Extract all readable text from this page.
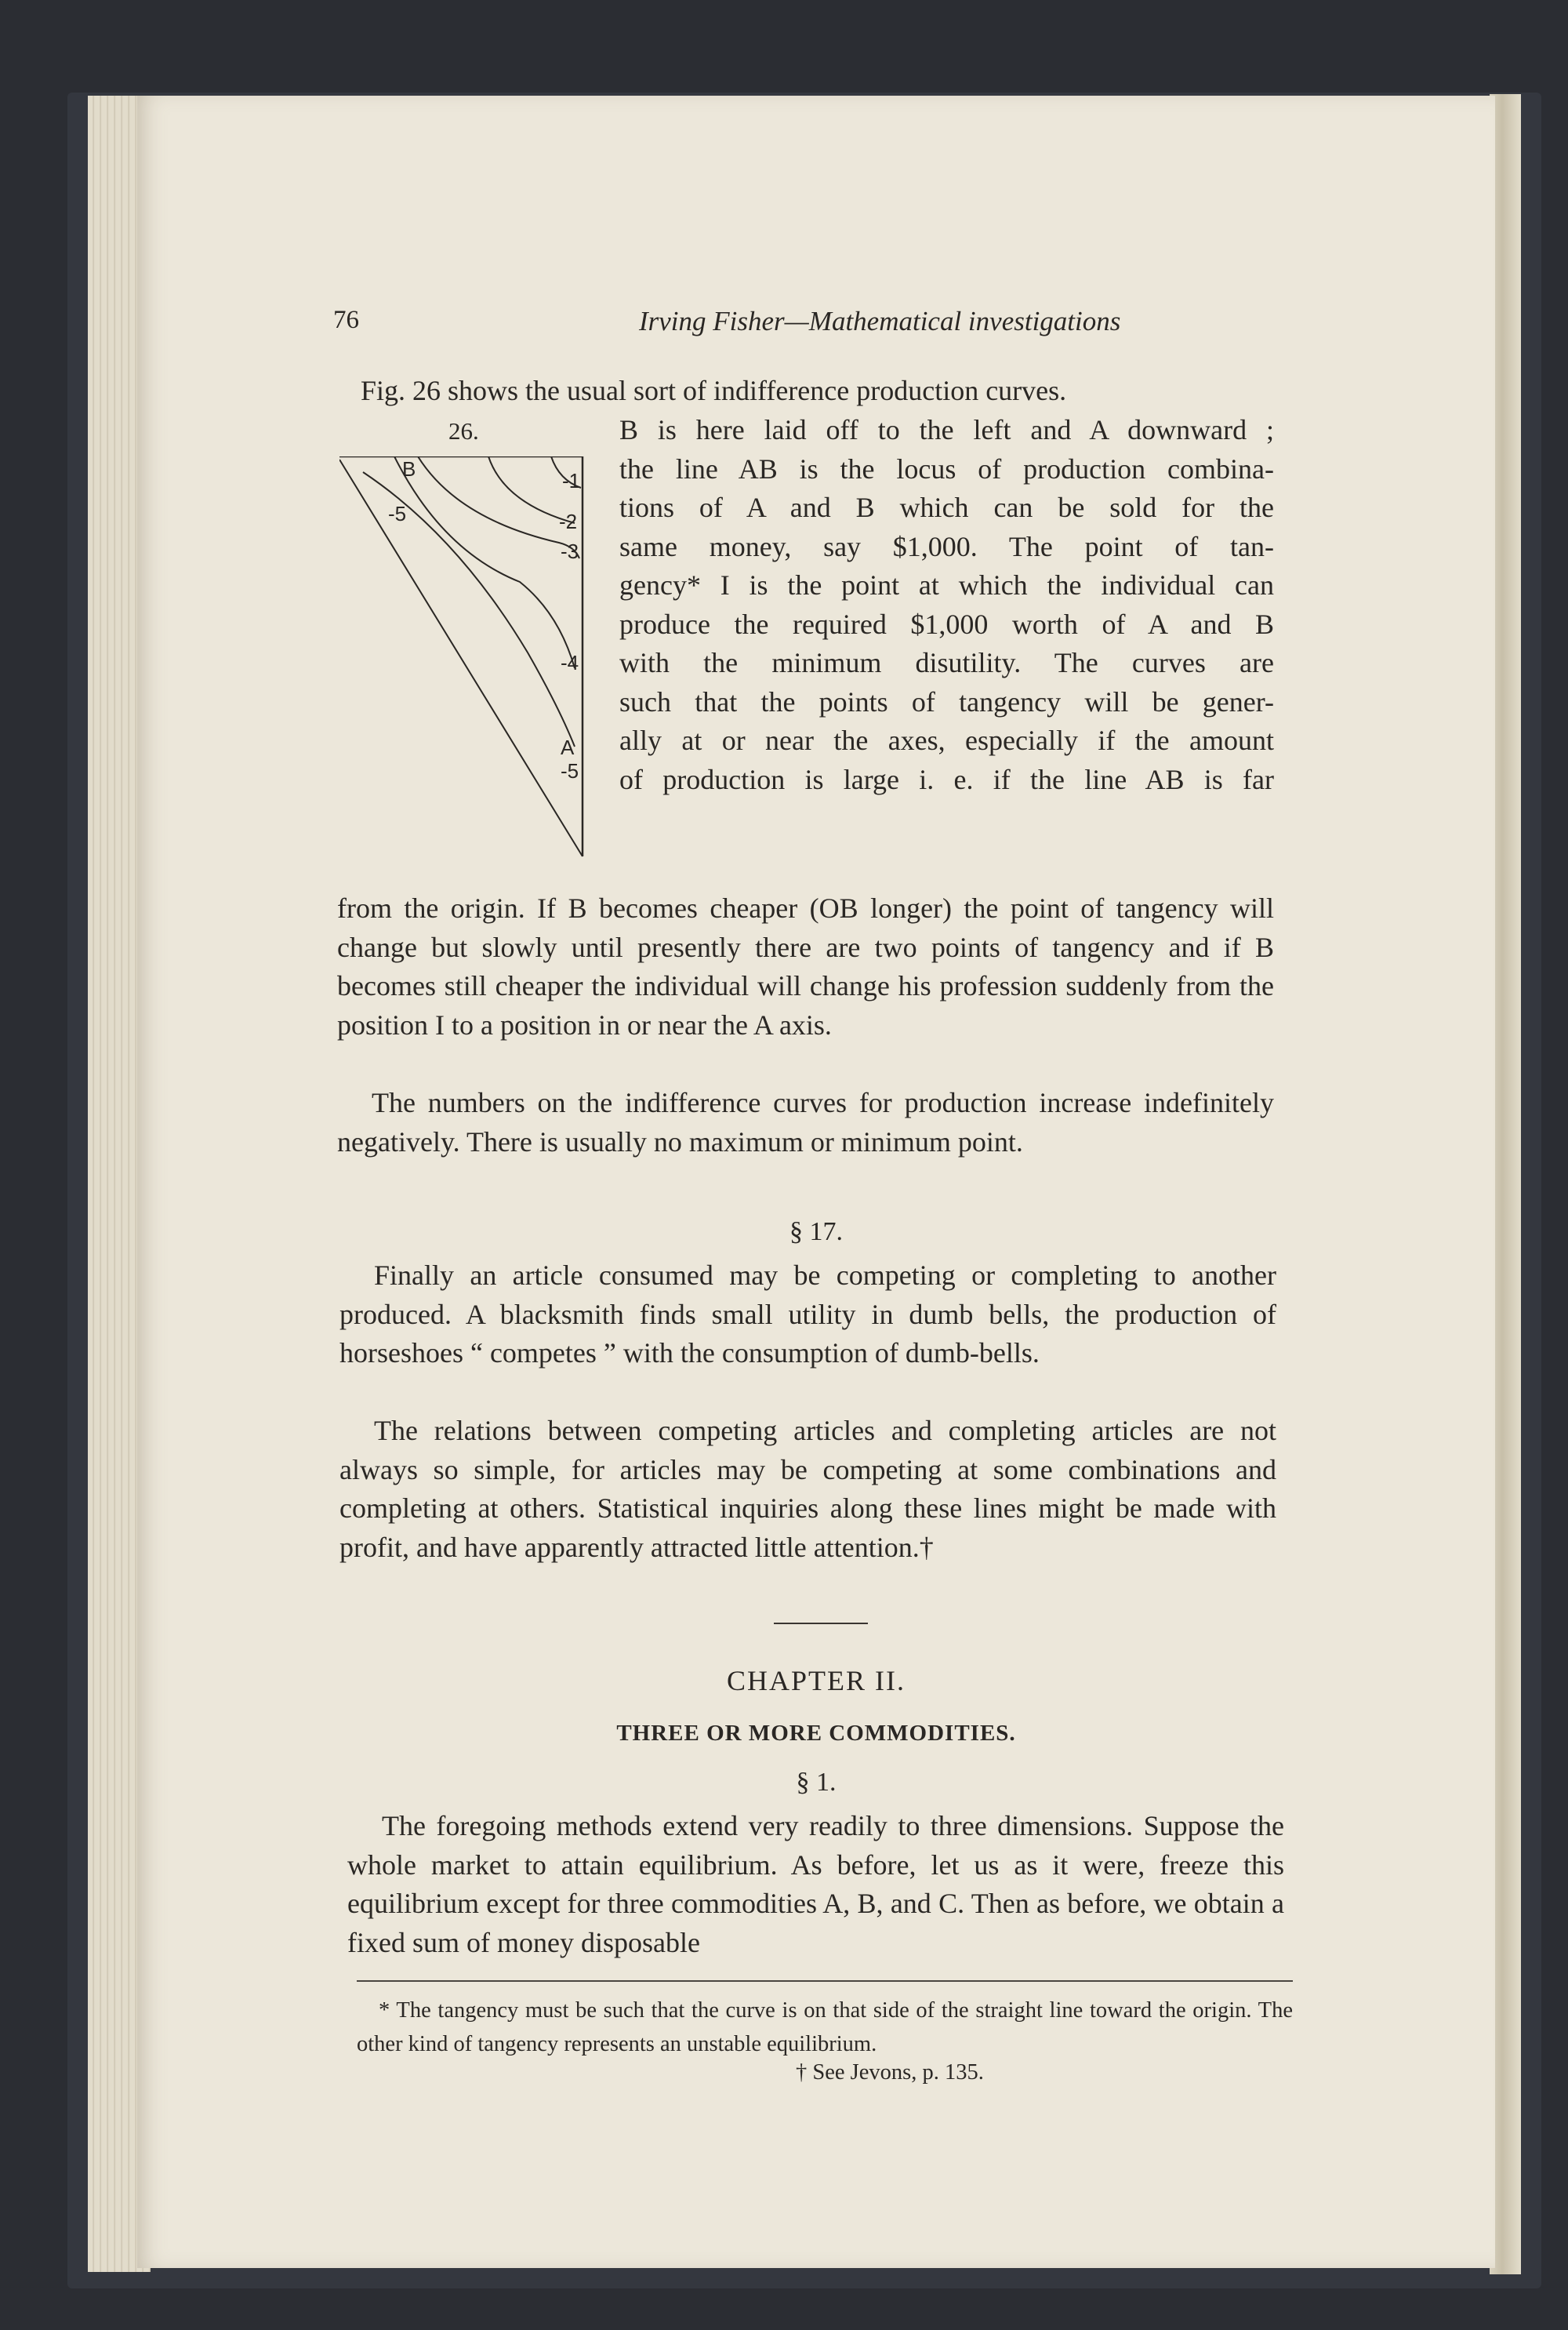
76	Irving Fisher—Mathematical investigations

Fig. 26 shows the usual sort of indifference production curves.

26.
B
-5
-1
-2
-3
-4
A
-5
B is here laid off to the left and A downward ;
the line AB is the locus of production combina-
tions of A and B which can be sold for the
same money, say $1,000. The point of tan-
gency* I is the point at which the individual can
produce the required $1,000 worth of A and B
with the minimum disutility. The curves are
such that the points of tangency will be gener-
ally at or near the axes, especially if the amount
of production is large i. e. if the line AB is far

from the origin. If B becomes cheaper (OB longer) the point of tangency will change but slowly until presently there are two points of tangency and if B becomes still cheaper the individual will change his profession suddenly from the position I to a position in or near the A axis.

The numbers on the indifference curves for production increase indefinitely negatively. There is usually no maximum or minimum point.

§ 17.

Finally an article consumed may be competing or completing to another produced. A blacksmith finds small utility in dumb bells, the production of horseshoes “ competes ” with the consumption of dumb-bells.

The relations between competing articles and completing articles are not always so simple, for articles may be competing at some combinations and completing at others. Statistical inquiries along these lines might be made with profit, and have apparently attracted little attention.†

CHAPTER II.
THREE OR MORE COMMODITIES.
§ 1.

The foregoing methods extend very readily to three dimensions. Suppose the whole market to attain equilibrium. As before, let us as it were, freeze this equilibrium except for three commodities A, B, and C. Then as before, we obtain a fixed sum of money disposable

* The tangency must be such that the curve is on that side of the straight line toward the origin. The other kind of tangency represents an unstable equilibrium.
† See Jevons, p. 135.
